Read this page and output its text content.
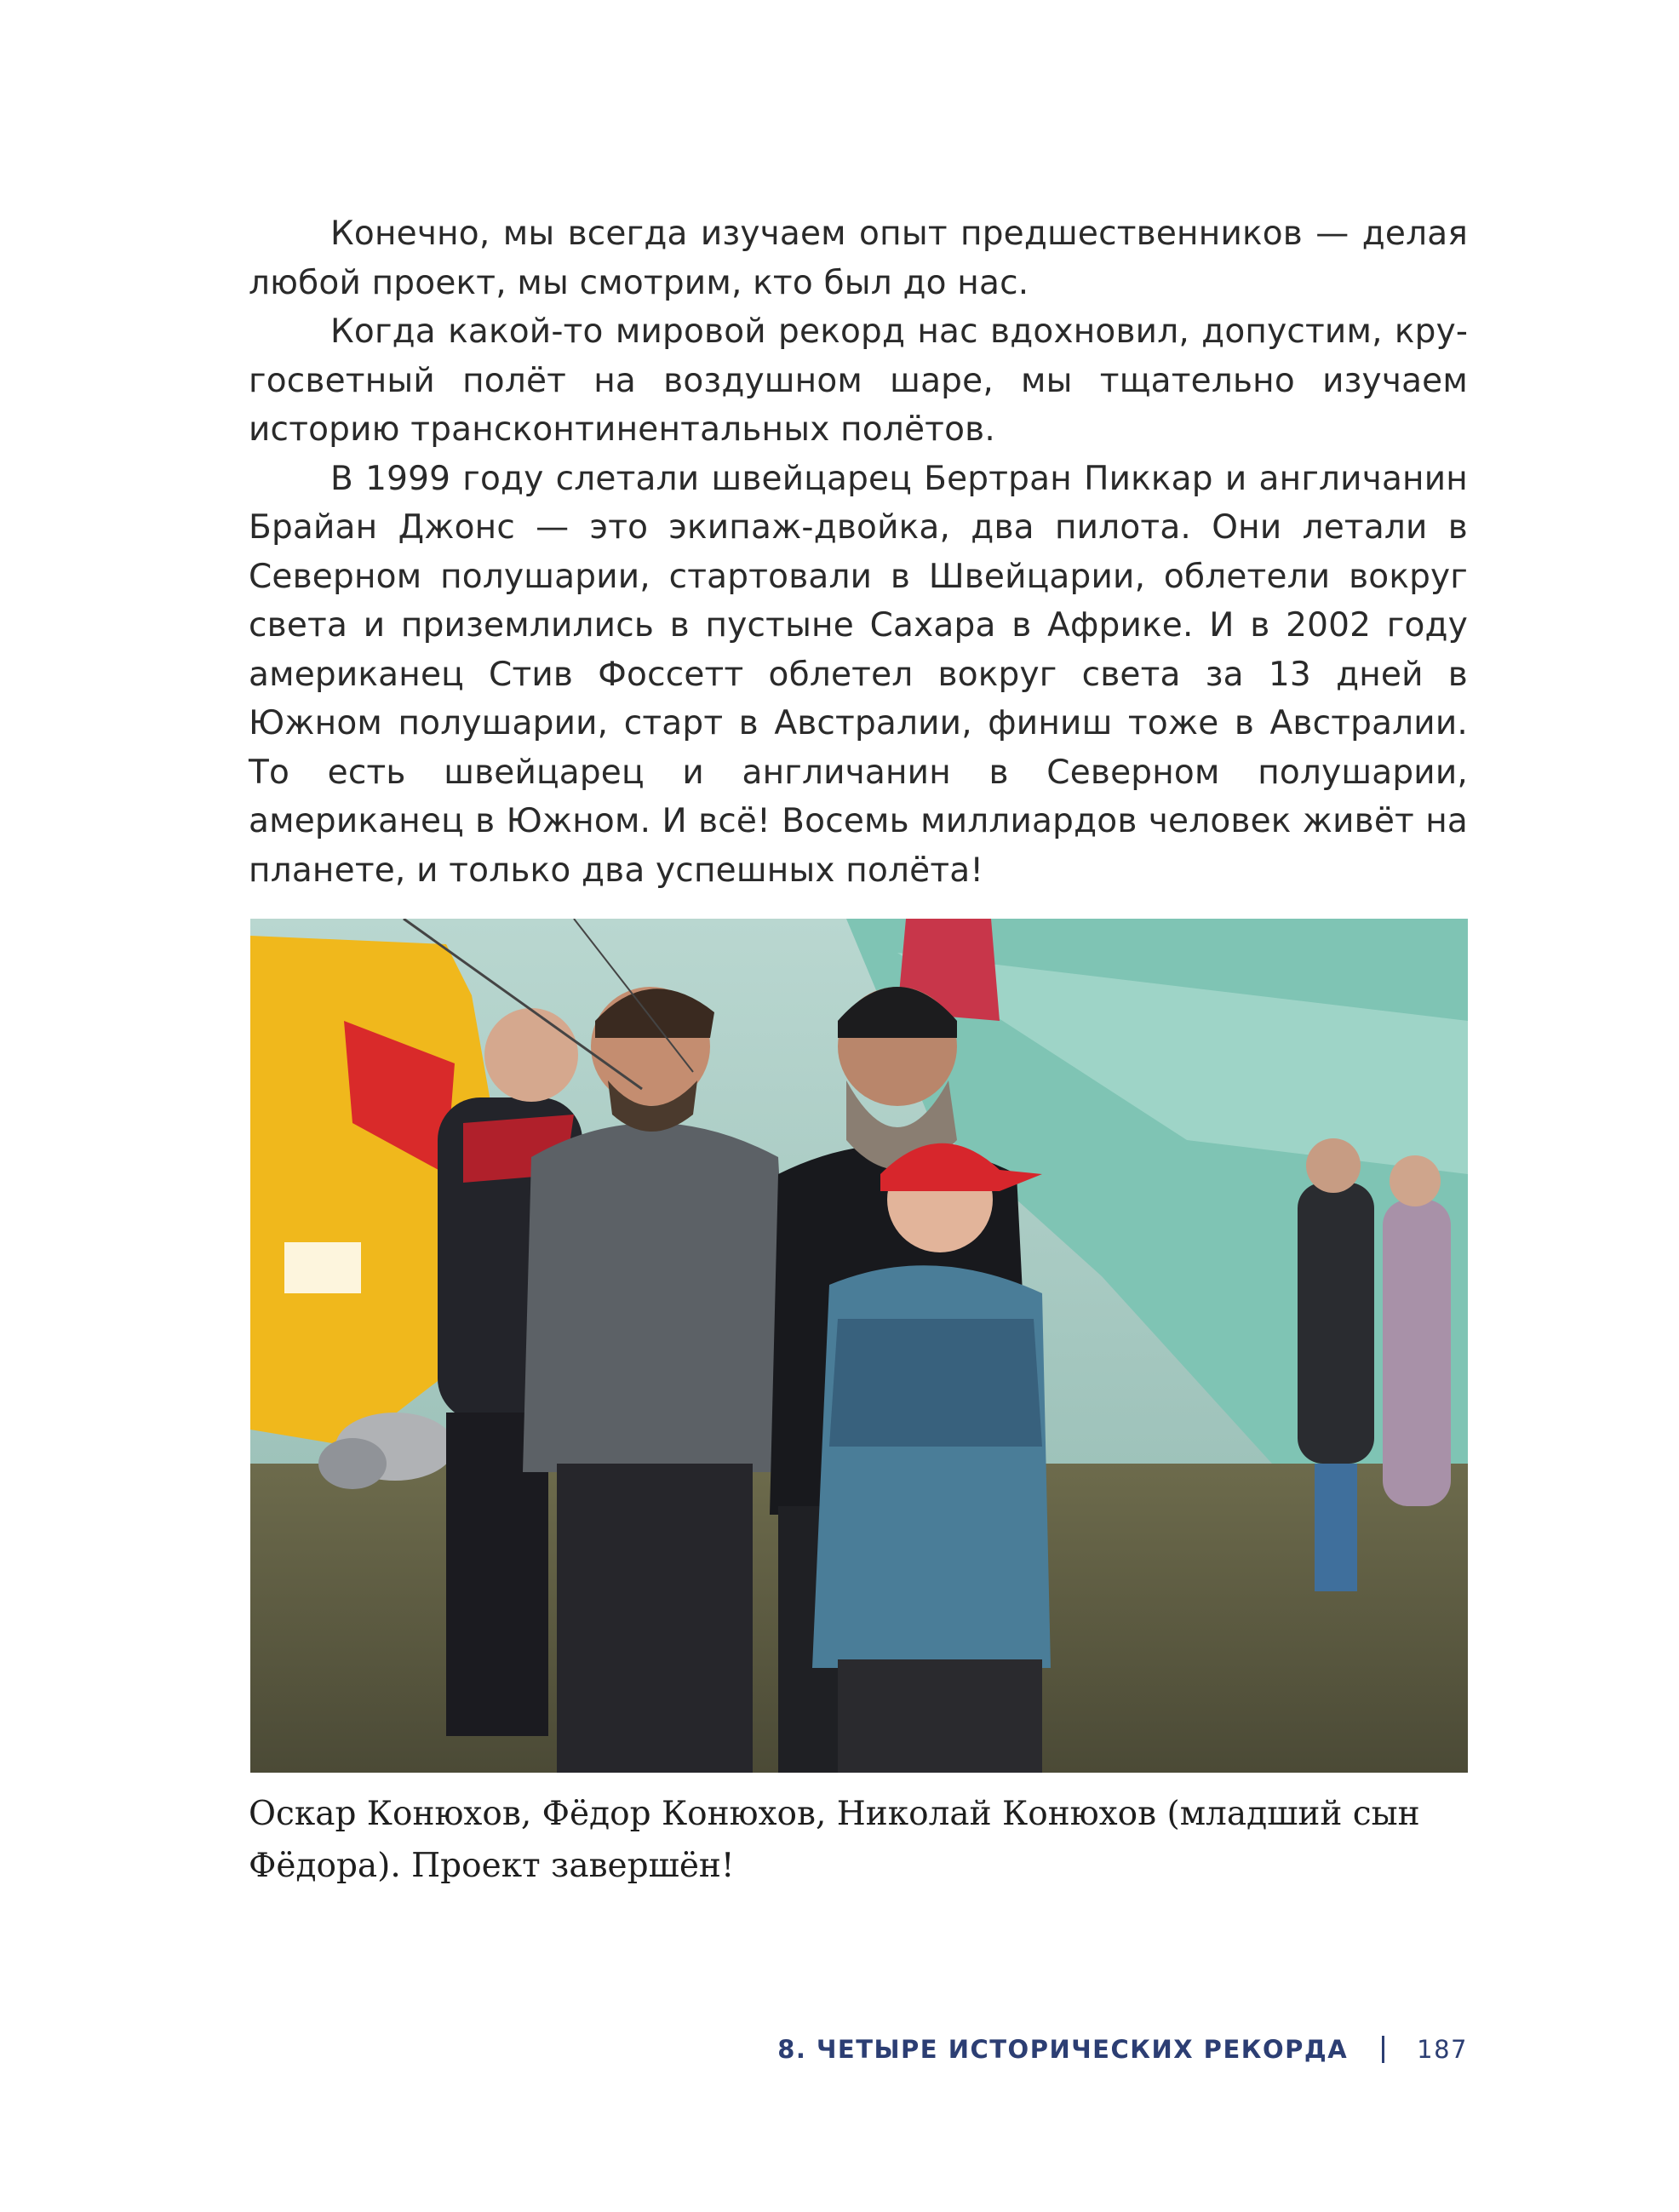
Конечно, мы всегда изучаем опыт предшественников — делая любой проект, мы смотрим, кто был до нас.

Когда какой-то мировой рекорд нас вдохновил, допустим, кругосветный полёт на воздушном шаре, мы тщательно изучаем историю трансконтинентальных полётов.

В 1999 году слетали швейцарец Бертран Пиккар и англичанин Брайан Джонс — это экипаж-двойка, два пилота. Они летали в Северном полушарии, стартовали в Швейцарии, облетели вокруг света и приземлились в пустыне Сахара в Африке. И в 2002 году американец Стив Фоссетт облетел вокруг света за 13 дней в Южном полушарии, старт в Австралии, финиш тоже в Австралии. То есть швейцарец и англичанин в Северном полушарии, американец в Южном. И всё! Восемь миллиардов человек живёт на планете, и только два успешных полёта!

Оскар Конюхов, Фёдор Конюхов, Николай Конюхов (младший сын Фёдора). Проект завершён!

8. ЧЕТЫРЕ ИСТОРИЧЕСКИХ РЕКОРДА	187
